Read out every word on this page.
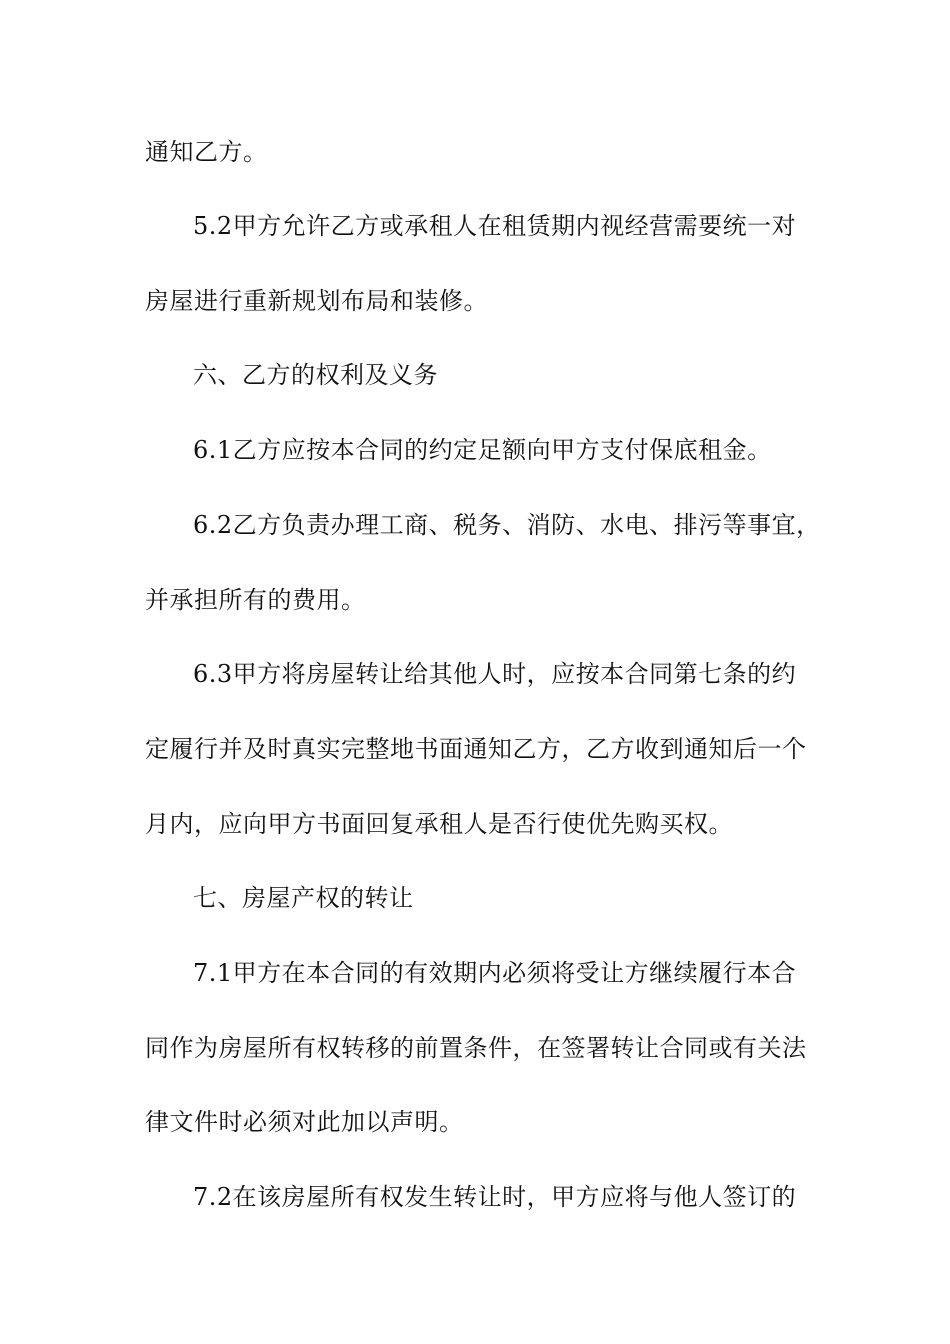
通知乙方。
5.2甲方允许乙方或承租人在租赁期内视经营需要统一对
房屋进行重新规划布局和装修。
六、乙方的权利及义务
6.1乙方应按本合同的约定足额向甲方支付保底租金。
6.2乙方负责办理工商、税务、消防、水电、排污等事宜，
并承担所有的费用。
6.3甲方将房屋转让给其他人时，应按本合同第七条的约
定履行并及时真实完整地书面通知乙方，乙方收到通知后一个
月内，应向甲方书面回复承租人是否行使优先购买权。
七、房屋产权的转让
7.1甲方在本合同的有效期内必须将受让方继续履行本合
同作为房屋所有权转移的前置条件，在签署转让合同或有关法
律文件时必须对此加以声明。
7.2在该房屋所有权发生转让时，甲方应将与他人签订的
